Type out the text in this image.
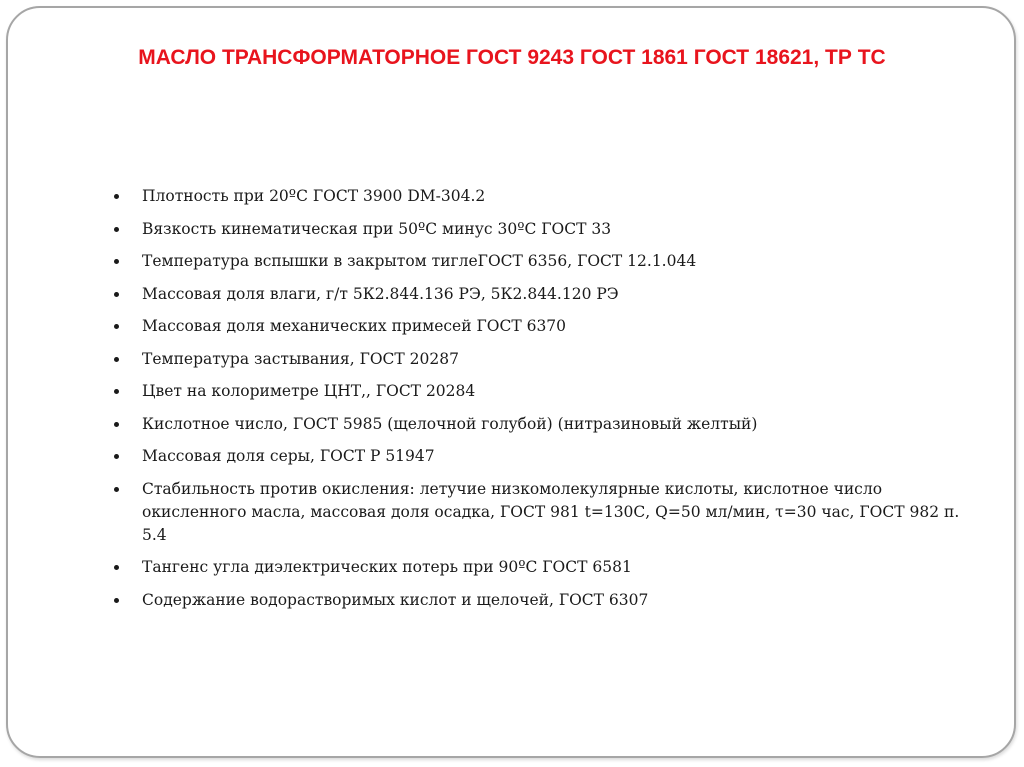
МАСЛО ТРАНСФОРМАТОРНОЕ ГОСТ 9243 ГОСТ 1861 ГОСТ 18621, ТР ТС
Плотность при 20ºС ГОСТ 3900 DM-304.2
Вязкость кинематическая при 50ºС минус 30ºС ГОСТ 33
Температура вспышки в закрытом тиглеГОСТ 6356, ГОСТ 12.1.044
Массовая доля влаги, г/т 5К2.844.136 РЭ, 5К2.844.120 РЭ
Массовая доля механических примесей ГОСТ 6370
Температура застывания, ГОСТ 20287
Цвет на колориметре ЦНТ,, ГОСТ 20284
Кислотное число, ГОСТ 5985 (щелочной голубой) (нитразиновый желтый)
Массовая доля серы, ГОСТ Р 51947
Стабильность против окисления: летучие низкомолекулярные кислоты, кислотное число окисленного масла, массовая доля осадка, ГОСТ 981 t=130С, Q=50 мл/мин, τ=30 час, ГОСТ 982 п. 5.4
Тангенс угла диэлектрических потерь при 90ºС ГОСТ 6581
Содержание водорастворимых кислот и щелочей, ГОСТ 6307
